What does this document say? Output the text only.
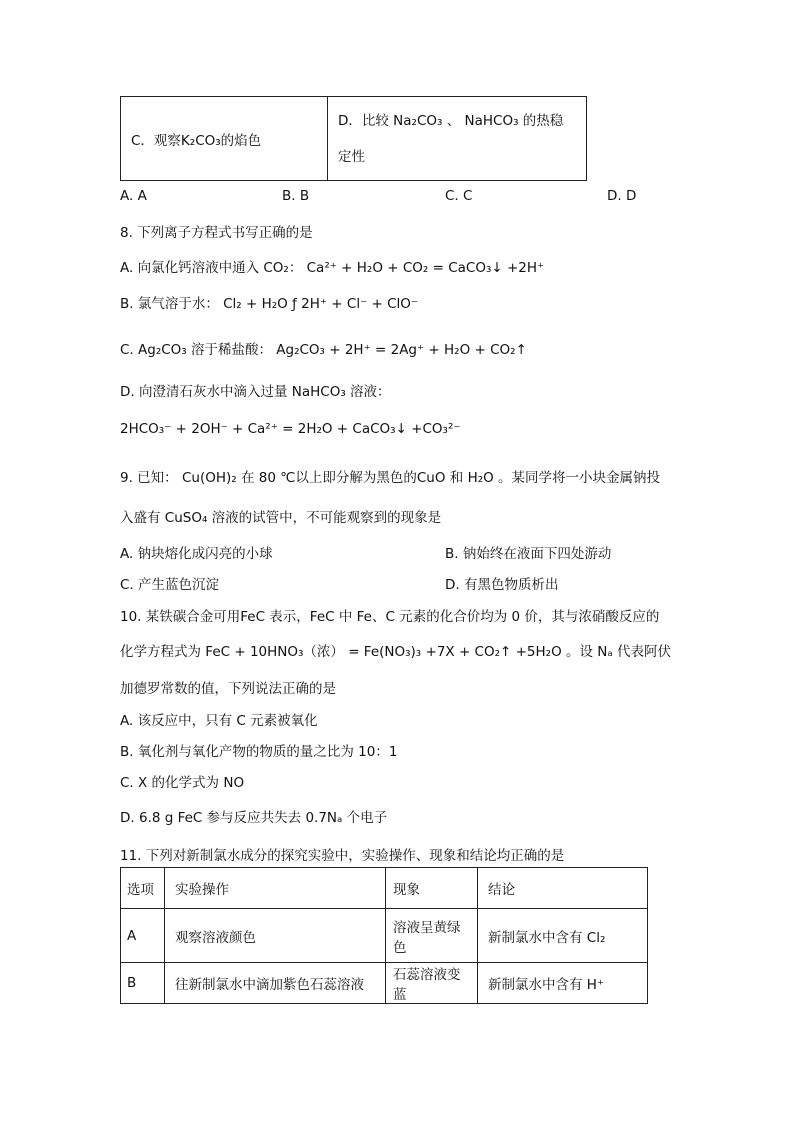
C．观察K₂CO₃的焰色	
D．比较 Na₂CO₃ 、 NaHCO₃ 的热稳
定性
A. A	B. B	C. C	D. D
8. 下列离子方程式书写正确的是
A. 向氯化钙溶液中通入 CO₂： Ca²⁺ + H₂O + CO₂ = CaCO₃↓ +2H⁺
B. 氯气溶于水： Cl₂ + H₂O ƒ 2H⁺ + Cl⁻ + ClO⁻
C. Ag₂CO₃ 溶于稀盐酸： Ag₂CO₃ + 2H⁺ = 2Ag⁺ + H₂O + CO₂↑
D. 向澄清石灰水中滴入过量 NaHCO₃ 溶液：
2HCO₃⁻ + 2OH⁻ + Ca²⁺ = 2H₂O + CaCO₃↓ +CO₃²⁻
9. 已知： Cu(OH)₂ 在 80 ℃以上即分解为黑色的CuO 和 H₂O 。某同学将一小块金属钠投
入盛有 CuSO₄ 溶液的试管中，不可能观察到的现象是
A. 钠块熔化成闪亮的小球	B. 钠始终在液面下四处游动
C. 产生蓝色沉淀	D. 有黑色物质析出
10. 某铁碳合金可用FeC 表示，FeC 中 Fe、C 元素的化合价均为 0 价，其与浓硝酸反应的
化学方程式为 FeC + 10HNO₃（浓） = Fe(NO₃)₃ +7X + CO₂↑ +5H₂O 。设 Nₐ 代表阿伏
加德罗常数的值，下列说法正确的是
A. 该反应中，只有 C 元素被氧化
B. 氧化剂与氧化产物的物质的量之比为 10：1
C. X 的化学式为 NO
D. 6.8 g FeC 参与反应共失去 0.7Nₐ 个电子
11. 下列对新制氯水成分的探究实验中，实验操作、现象和结论均正确的是
选项	实验操作	现象	结论
A	观察溶液颜色	溶液呈黄绿色	新制氯水中含有 Cl₂
B	往新制氯水中滴加紫色石蕊溶液	石蕊溶液变蓝	新制氯水中含有 H⁺
